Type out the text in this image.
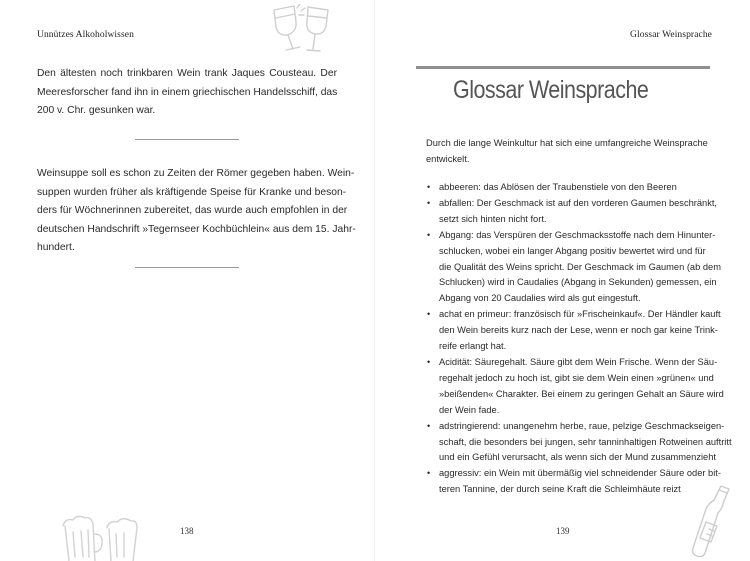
Unnützes Alkoholwissen
Den ältesten noch trinkbaren Wein trank Jaques Cousteau. Der
Meeresforscher fand ihn in einem griechischen Handelsschiff, das
200 v. Chr. gesunken war.
Weinsuppe soll es schon zu Zeiten der Römer gegeben haben. Wein-
suppen wurden früher als kräftigende Speise für Kranke und beson-
ders für Wöchnerinnen zubereitet, das wurde auch empfohlen in der
deutschen Handschrift »Tegernseer Kochbüchlein« aus dem 15. Jahr-
hundert.
138
Glossar Weinsprache
Glossar Weinsprache
Durch die lange Weinkultur hat sich eine umfangreiche Weinsprache
entwickelt.
• abbeeren: das Ablösen der Traubenstiele von den Beeren
• abfallen: Der Geschmack ist auf den vorderen Gaumen beschränkt,
setzt sich hinten nicht fort.
• Abgang: das Verspüren der Geschmacksstoffe nach dem Hinunter-
schlucken, wobei ein langer Abgang positiv bewertet wird und für
die Qualität des Weins spricht. Der Geschmack im Gaumen (ab dem
Schlucken) wird in Caudalies (Abgang in Sekunden) gemessen, ein
Abgang von 20 Caudalies wird als gut eingestuft.
• achat en primeur: französisch für »Frischeinkauf«. Der Händler kauft
den Wein bereits kurz nach der Lese, wenn er noch gar keine Trink-
reife erlangt hat.
• Acidität: Säuregehalt. Säure gibt dem Wein Frische. Wenn der Säu-
regehalt jedoch zu hoch ist, gibt sie dem Wein einen »grünen« und
»beißenden« Charakter. Bei einem zu geringen Gehalt an Säure wird
der Wein fade.
• adstringierend: unangenehm herbe, raue, pelzige Geschmackseigen-
schaft, die besonders bei jungen, sehr tanninhaltigen Rotweinen auftritt
und ein Gefühl verursacht, als wenn sich der Mund zusammenzieht
• aggressiv: ein Wein mit übermäßig viel schneidender Säure oder bit-
teren Tannine, der durch seine Kraft die Schleimhäute reizt
139
